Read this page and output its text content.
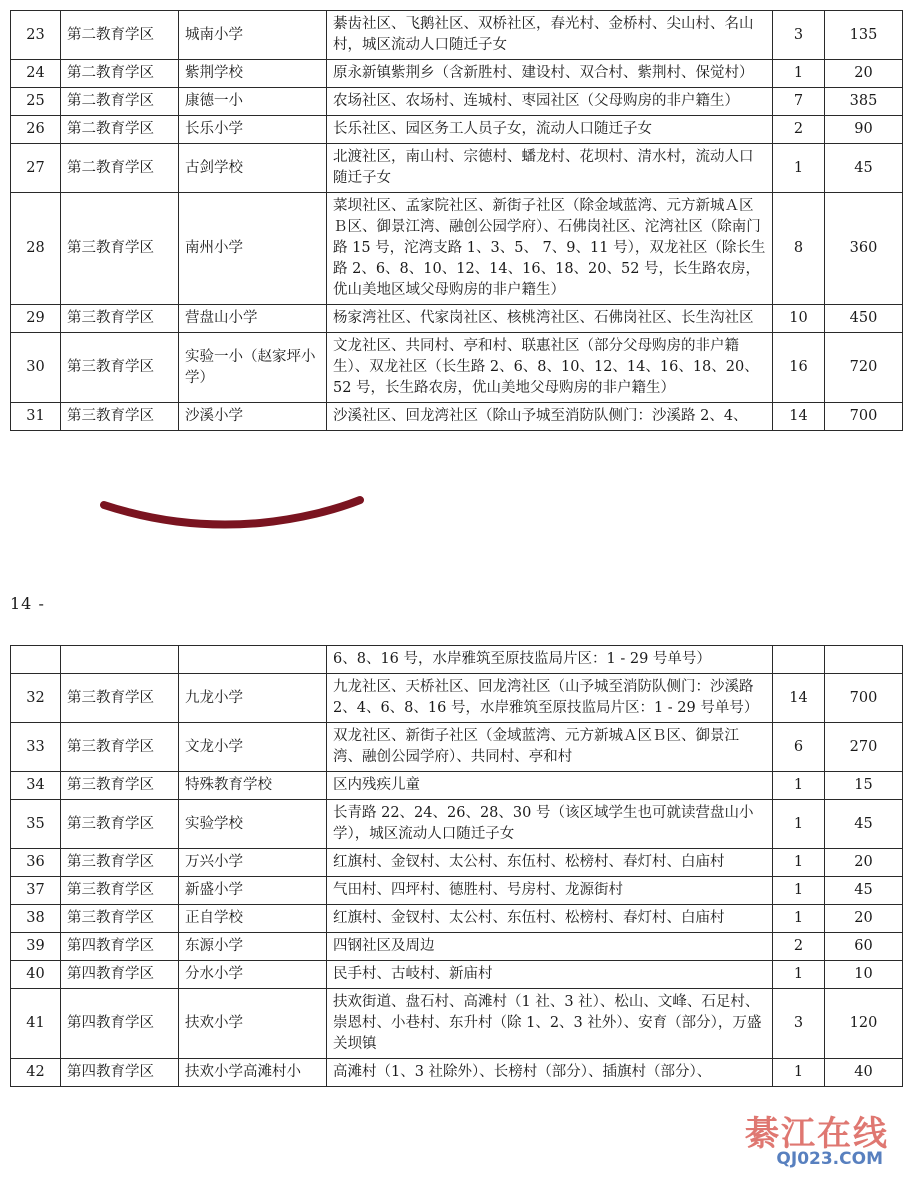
23	第二教育学区	城南小学	綦齿社区、飞鹅社区、双桥社区，春光村、金桥村、尖山村、名山村，城区流动人口随迁子女	3	135
24	第二教育学区	紫荆学校	原永新镇紫荆乡（含新胜村、建设村、双合村、紫荆村、保觉村）	1	20
25	第二教育学区	康德一小	农场社区、农场村、连城村、枣园社区（父母购房的非户籍生）	7	385
26	第二教育学区	长乐小学	长乐社区、园区务工人员子女，流动人口随迁子女	2	90
27	第二教育学区	古剑学校	北渡社区，南山村、宗德村、蟠龙村、花坝村、清水村，流动人口随迁子女	1	45
28	第三教育学区	南州小学	菜坝社区、孟家院社区、新街子社区（除金域蓝湾、元方新城Ａ区Ｂ区、御景江湾、融创公园学府）、石佛岗社区、沱湾社区（除南门路 15 号，沱湾支路 1、3、5、 7、9、11 号），双龙社区（除长生路 2、6、8、10、12、14、16、18、20、52 号，长生路农房，优山美地区域父母购房的非户籍生）	8	360
29	第三教育学区	营盘山小学	杨家湾社区、代家岗社区、核桃湾社区、石佛岗社区、长生沟社区	10	450
30	第三教育学区	实验一小（赵家坪小学）	文龙社区、共同村、亭和村、联惠社区（部分父母购房的非户籍生）、双龙社区（长生路 2、6、8、10、12、14、16、18、20、52 号，长生路农房，优山美地父母购房的非户籍生）	16	720
31	第三教育学区	沙溪小学	沙溪社区、回龙湾社区（除山予城至消防队侧门：沙溪路 2、4、	14	700
14 -
			6、8、16 号，水岸雅筑至原技监局片区：1 - 29 号单号）		
32	第三教育学区	九龙小学	九龙社区、天桥社区、回龙湾社区（山予城至消防队侧门：沙溪路 2、4、6、8、16 号，水岸雅筑至原技监局片区：1 - 29 号单号）	14	700
33	第三教育学区	文龙小学	双龙社区、新街子社区（金域蓝湾、元方新城Ａ区Ｂ区、御景江湾、融创公园学府）、共同村、亭和村	6	270
34	第三教育学区	特殊教育学校	区内残疾儿童	1	15
35	第三教育学区	实验学校	长青路 22、24、26、28、30 号（该区域学生也可就读营盘山小学），城区流动人口随迁子女	1	45
36	第三教育学区	万兴小学	红旗村、金钗村、太公村、东伍村、松榜村、春灯村、白庙村	1	20
37	第三教育学区	新盛小学	气田村、四坪村、德胜村、号房村、龙源街村	1	45
38	第三教育学区	正自学校	红旗村、金钗村、太公村、东伍村、松榜村、春灯村、白庙村	1	20
39	第四教育学区	东源小学	四钢社区及周边	2	60
40	第四教育学区	分水小学	民手村、古岐村、新庙村	1	10
41	第四教育学区	扶欢小学	扶欢街道、盘石村、高滩村（1 社、3 社）、松山、文峰、石足村、崇恩村、小巷村、东升村（除 1、2、3 社外）、安育（部分），万盛关坝镇	3	120
42	第四教育学区	扶欢小学高滩村小	高滩村（1、3 社除外）、长榜村（部分）、插旗村（部分）、	1	40
綦江在线
QJ023.COM
